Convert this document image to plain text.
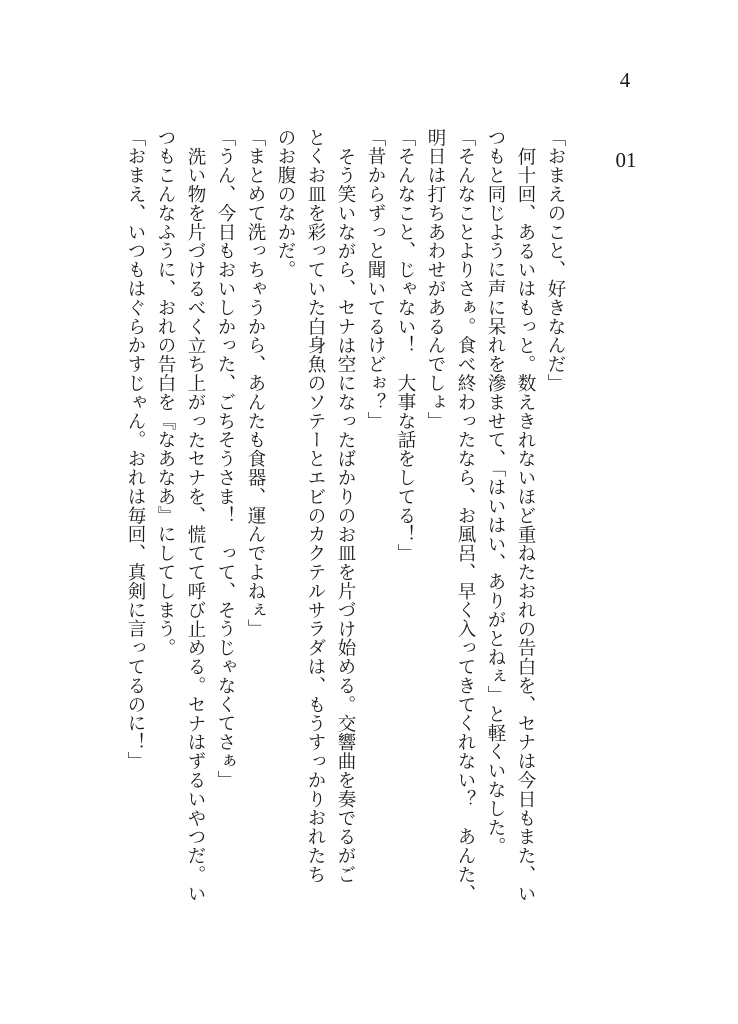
4
01
「おまえのこと、好きなんだ」
何十回、あるいはもっと。数えきれないほど重ねたおれの告白を、セナは今日もまた、い
つもと同じように声に呆れを滲ませて、「はいはい、ありがとねぇ」と軽くいなした。
「そんなことよりさぁ。食べ終わったなら、お風呂、早く入ってきてくれない？　あんた、
明日は打ちあわせがあるんでしょ」
「そんなこと、じゃない！　大事な話をしてる！」
「昔からずっと聞いてるけどぉ？」
そう笑いながら、セナは空になったばかりのお皿を片づけ始める。交響曲を奏でるがご
とくお皿を彩っていた白身魚のソテーとエビのカクテルサラダは、もうすっかりおれたち
のお腹のなかだ。
「まとめて洗っちゃうから、あんたも食器、運んでよねぇ」
「うん、今日もおいしかった、ごちそうさま！　って、そうじゃなくてさぁ」
洗い物を片づけるべく立ち上がったセナを、慌てて呼び止める。セナはずるいやつだ。い
つもこんなふうに、おれの告白を『なあなあ』にしてしまう。
「おまえ、いつもはぐらかすじゃん。おれは毎回、真剣に言ってるのに！」
